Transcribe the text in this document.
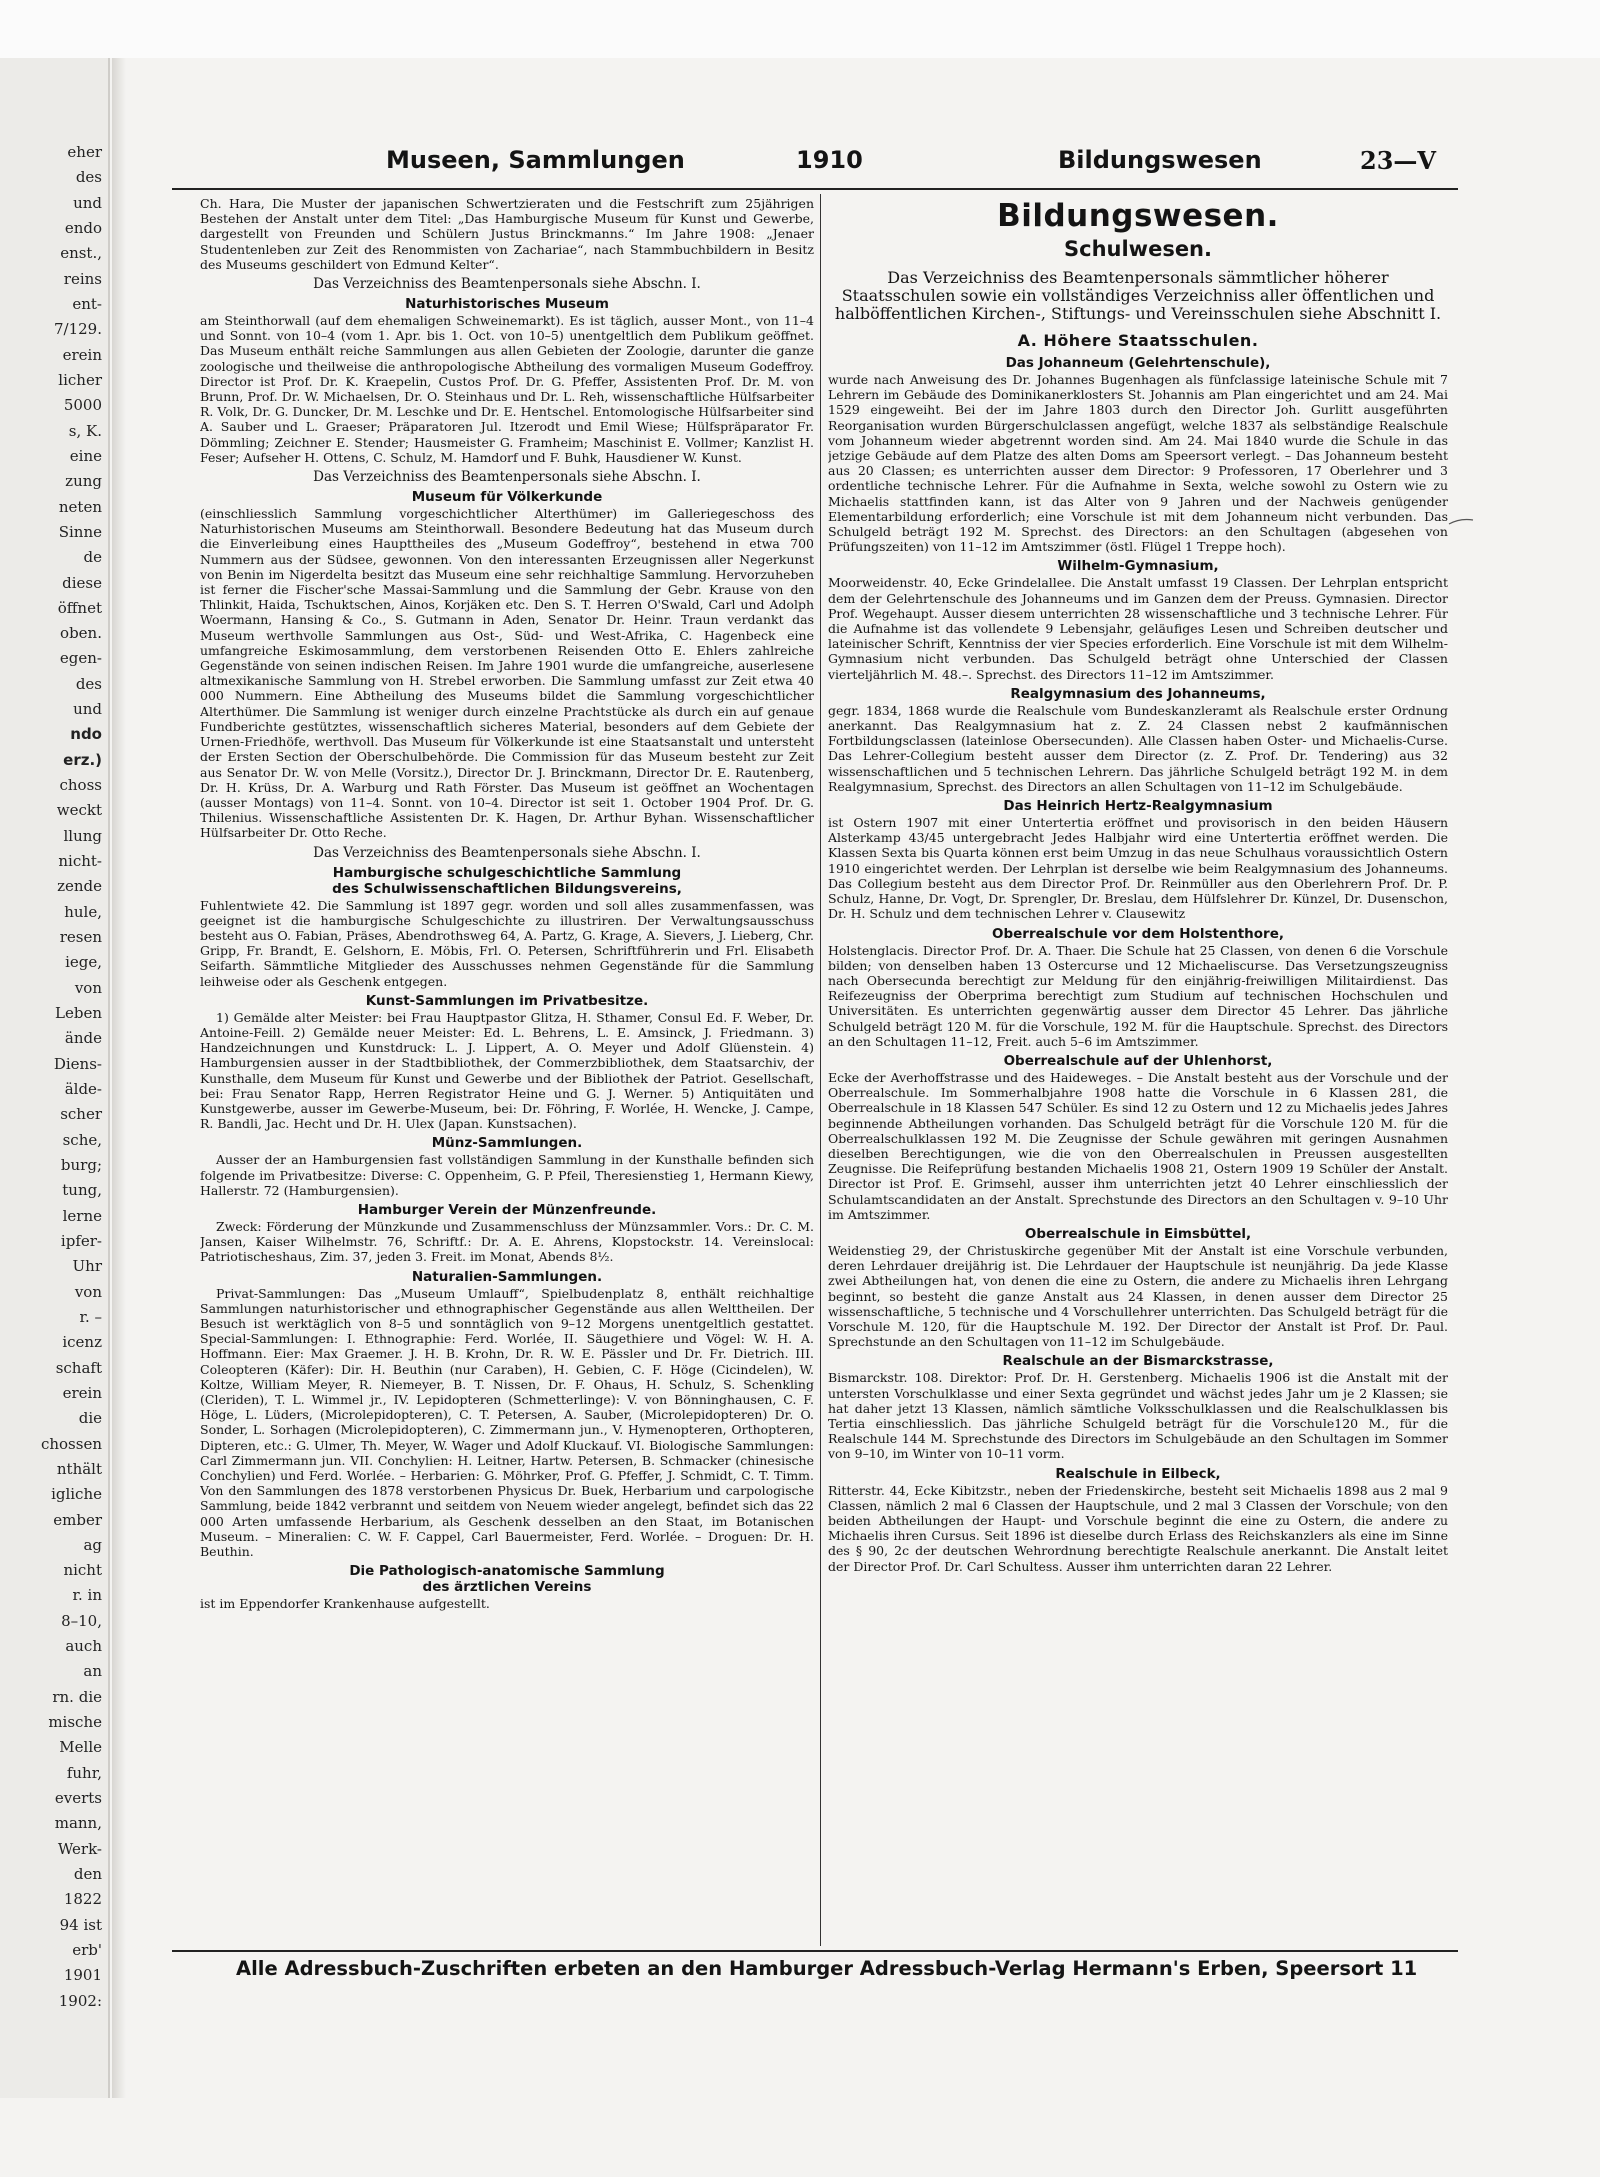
eher
des
und
endo
enst.,
reins
ent-
7/129.
erein
licher
5000
s, K.
eine
zung
neten
Sinne
de
diese
öffnet
oben.
egen-
des
und
ndo
erz.)
choss
weckt
llung
nicht-
zende
hule,
resen
iege,
von
Leben
ände
Diens-
älde-
scher
sche,
burg;
tung,
lerne
ipfer-
Uhr
von
r. –
icenz
schaft
erein
die
chossen
nthält
igliche
ember
ag
nicht
r. in
8–10,
auch
an
rn. die
mische
Melle
fuhr,
everts
mann,
Werk-
den
1822
94 ist
erb'
1901
1902:
Museen, Sammlungen	1910	Bildungswesen	23—V

Ch. Hara, Die Muster der japanischen Schwertzieraten und die Festschrift zum 25jährigen Bestehen der Anstalt unter dem Titel: „Das Hamburgische Museum für Kunst und Gewerbe, dargestellt von Freunden und Schülern Justus Brinckmanns.“ Im Jahre 1908: „Jenaer Studentenleben zur Zeit des Renommisten von Zachariae“, nach Stammbuchbildern in Besitz des Museums geschildert von Edmund Kelter“.

Das Verzeichniss des Beamtenpersonals siehe Abschn. I.
Naturhistorisches Museum

am Steinthorwall (auf dem ehemaligen Schweinemarkt). Es ist täglich, ausser Mont., von 11–4 und Sonnt. von 10–4 (vom 1. Apr. bis 1. Oct. von 10–5) unentgeltlich dem Publikum geöffnet. Das Museum enthält reiche Sammlungen aus allen Gebieten der Zoologie, darunter die ganze zoologische und theilweise die anthropologische Abtheilung des vormaligen Museum Godeffroy. Director ist Prof. Dr. K. Kraepelin, Custos Prof. Dr. G. Pfeffer, Assistenten Prof. Dr. M. von Brunn, Prof. Dr. W. Michaelsen, Dr. O. Steinhaus und Dr. L. Reh, wissenschaftliche Hülfsarbeiter R. Volk, Dr. G. Duncker, Dr. M. Leschke und Dr. E. Hentschel. Entomologische Hülfsarbeiter sind A. Sauber und L. Graeser; Präparatoren Jul. Itzerodt und Emil Wiese; Hülfspräparator Fr. Dömmling; Zeichner E. Stender; Hausmeister G. Framheim; Maschinist E. Vollmer; Kanzlist H. Feser; Aufseher H. Ottens, C. Schulz, M. Hamdorf und F. Buhk, Hausdiener W. Kunst.

Das Verzeichniss des Beamtenpersonals siehe Abschn. I.
Museum für Völkerkunde

(einschliesslich Sammlung vorgeschichtlicher Alterthümer) im Galleriegeschoss des Naturhistorischen Museums am Steinthorwall. Besondere Bedeutung hat das Museum durch die Einverleibung eines Haupttheiles des „Museum Godeffroy“, bestehend in etwa 700 Nummern aus der Südsee, gewonnen. Von den interessanten Erzeugnissen aller Negerkunst von Benin im Nigerdelta besitzt das Museum eine sehr reichhaltige Sammlung. Hervorzuheben ist ferner die Fischer'sche Massai-Sammlung und die Sammlung der Gebr. Krause von den Thlinkit, Haida, Tschuktschen, Ainos, Korjäken etc. Den S. T. Herren O'Swald, Carl und Adolph Woermann, Hansing & Co., S. Gutmann in Aden, Senator Dr. Heinr. Traun verdankt das Museum werthvolle Sammlungen aus Ost-, Süd- und West-Afrika, C. Hagenbeck eine umfangreiche Eskimosammlung, dem verstorbenen Reisenden Otto E. Ehlers zahlreiche Gegenstände von seinen indischen Reisen. Im Jahre 1901 wurde die umfangreiche, auserlesene altmexikanische Sammlung von H. Strebel erworben. Die Sammlung umfasst zur Zeit etwa 40 000 Nummern. Eine Abtheilung des Museums bildet die Sammlung vorgeschichtlicher Alterthümer. Die Sammlung ist weniger durch einzelne Prachtstücke als durch ein auf genaue Fundberichte gestütztes, wissenschaftlich sicheres Material, besonders auf dem Gebiete der Urnen-Friedhöfe, werthvoll. Das Museum für Völkerkunde ist eine Staatsanstalt und untersteht der Ersten Section der Oberschulbehörde. Die Commission für das Museum besteht zur Zeit aus Senator Dr. W. von Melle (Vorsitz.), Director Dr. J. Brinckmann, Director Dr. E. Rautenberg, Dr. H. Krüss, Dr. A. Warburg und Rath Förster. Das Museum ist geöffnet an Wochentagen (ausser Montags) von 11–4. Sonnt. von 10–4. Director ist seit 1. October 1904 Prof. Dr. G. Thilenius. Wissenschaftliche Assistenten Dr. K. Hagen, Dr. Arthur Byhan. Wissenschaftlicher Hülfsarbeiter Dr. Otto Reche.

Das Verzeichniss des Beamtenpersonals siehe Abschn. I.
Hamburgische schulgeschichtliche Sammlung
des Schulwissenschaftlichen Bildungsvereins,

Fuhlentwiete 42. Die Sammlung ist 1897 gegr. worden und soll alles zusammenfassen, was geeignet ist die hamburgische Schulgeschichte zu illustriren. Der Verwaltungsausschuss besteht aus O. Fabian, Präses, Abendrothsweg 64, A. Partz, G. Krage, A. Sievers, J. Lieberg, Chr. Gripp, Fr. Brandt, E. Gelshorn, E. Möbis, Frl. O. Petersen, Schriftführerin und Frl. Elisabeth Seifarth. Sämmtliche Mitglieder des Ausschusses nehmen Gegenstände für die Sammlung leihweise oder als Geschenk entgegen.

Kunst-Sammlungen im Privatbesitze.

1) Gemälde alter Meister: bei Frau Hauptpastor Glitza, H. Sthamer, Consul Ed. F. Weber, Dr. Antoine-Feill. 2) Gemälde neuer Meister: Ed. L. Behrens, L. E. Amsinck, J. Friedmann. 3) Handzeichnungen und Kunstdruck: L. J. Lippert, A. O. Meyer und Adolf Glüenstein. 4) Hamburgensien ausser in der Stadtbibliothek, der Commerzbibliothek, dem Staatsarchiv, der Kunsthalle, dem Museum für Kunst und Gewerbe und der Bibliothek der Patriot. Gesellschaft, bei: Frau Senator Rapp, Herren Registrator Heine und G. J. Werner. 5) Antiquitäten und Kunstgewerbe, ausser im Gewerbe-Museum, bei: Dr. Föhring, F. Worlée, H. Wencke, J. Campe, R. Bandli, Jac. Hecht und Dr. H. Ulex (Japan. Kunstsachen).

Münz-Sammlungen.

Ausser der an Hamburgensien fast vollständigen Sammlung in der Kunsthalle befinden sich folgende im Privatbesitze: Diverse: C. Oppenheim, G. P. Pfeil, Theresienstieg 1, Hermann Kiewy, Hallerstr. 72 (Hamburgensien).

Hamburger Verein der Münzenfreunde.

Zweck: Förderung der Münzkunde und Zusammenschluss der Münzsammler. Vors.: Dr. C. M. Jansen, Kaiser Wilhelmstr. 76, Schriftf.: Dr. A. E. Ahrens, Klopstockstr. 14. Vereinslocal: Patriotischeshaus, Zim. 37, jeden 3. Freit. im Monat, Abends 8½.

Naturalien-Sammlungen.

Privat-Sammlungen: Das „Museum Umlauff“, Spielbudenplatz 8, enthält reichhaltige Sammlungen naturhistorischer und ethnographischer Gegenstände aus allen Welttheilen. Der Besuch ist werktäglich von 8–5 und sonntäglich von 9–12 Morgens unentgeltlich gestattet. Special-Sammlungen: I. Ethnographie: Ferd. Worlée, II. Säugethiere und Vögel: W. H. A. Hoffmann. Eier: Max Graemer. J. H. B. Krohn, Dr. R. W. E. Pässler und Dr. Fr. Dietrich. III. Coleopteren (Käfer): Dir. H. Beuthin (nur Caraben), H. Gebien, C. F. Höge (Cicindelen), W. Koltze, William Meyer, R. Niemeyer, B. T. Nissen, Dr. F. Ohaus, H. Schulz, S. Schenkling (Cleriden), T. L. Wimmel jr., IV. Lepidopteren (Schmetterlinge): V. von Bönninghausen, C. F. Höge, L. Lüders, (Microlepidopteren), C. T. Petersen, A. Sauber, (Microlepidopteren) Dr. O. Sonder, L. Sorhagen (Microlepidopteren), C. Zimmermann jun., V. Hymenopteren, Orthopteren, Dipteren, etc.: G. Ulmer, Th. Meyer, W. Wager und Adolf Kluckauf. VI. Biologische Sammlungen: Carl Zimmermann jun. VII. Conchylien: H. Leitner, Hartw. Petersen, B. Schmacker (chinesische Conchylien) und Ferd. Worlée. – Herbarien: G. Möhrker, Prof. G. Pfeffer, J. Schmidt, C. T. Timm. Von den Sammlungen des 1878 verstorbenen Physicus Dr. Buek, Herbarium und carpologische Sammlung, beide 1842 verbrannt und seitdem von Neuem wieder angelegt, befindet sich das 22 000 Arten umfassende Herbarium, als Geschenk desselben an den Staat, im Botanischen Museum. – Mineralien: C. W. F. Cappel, Carl Bauermeister, Ferd. Worlée. – Droguen: Dr. H. Beuthin.

Die Pathologisch-anatomische Sammlung
des ärztlichen Vereins

ist im Eppendorfer Krankenhause aufgestellt.

Bildungswesen.
Schulwesen.
Das Verzeichniss des Beamtenpersonals sämmtlicher höherer Staatsschulen sowie ein vollständiges Verzeichniss aller öffentlichen und halböffentlichen Kirchen-, Stiftungs- und Vereinsschulen siehe Abschnitt I.
A. Höhere Staatsschulen.
Das Johanneum (Gelehrtenschule),

wurde nach Anweisung des Dr. Johannes Bugenhagen als fünfclassige lateinische Schule mit 7 Lehrern im Gebäude des Dominikanerklosters St. Johannis am Plan eingerichtet und am 24. Mai 1529 eingeweiht. Bei der im Jahre 1803 durch den Director Joh. Gurlitt ausgeführten Reorganisation wurden Bürgerschulclassen angefügt, welche 1837 als selbständige Realschule vom Johanneum wieder abgetrennt worden sind. Am 24. Mai 1840 wurde die Schule in das jetzige Gebäude auf dem Platze des alten Doms am Speersort verlegt. – Das Johanneum besteht aus 20 Classen; es unterrichten ausser dem Director: 9 Professoren, 17 Oberlehrer und 3 ordentliche technische Lehrer. Für die Aufnahme in Sexta, welche sowohl zu Ostern wie zu Michaelis stattfinden kann, ist das Alter von 9 Jahren und der Nachweis genügender Elementarbildung erforderlich; eine Vorschule ist mit dem Johanneum nicht verbunden. Das Schulgeld beträgt 192 M. Sprechst. des Directors: an den Schultagen (abgesehen von Prüfungszeiten) von 11–12 im Amtszimmer (östl. Flügel 1 Treppe hoch).

Wilhelm-Gymnasium,

Moorweidenstr. 40, Ecke Grindelallee. Die Anstalt umfasst 19 Classen. Der Lehrplan entspricht dem der Gelehrtenschule des Johanneums und im Ganzen dem der Preuss. Gymnasien. Director Prof. Wegehaupt. Ausser diesem unterrichten 28 wissenschaftliche und 3 technische Lehrer. Für die Aufnahme ist das vollendete 9 Lebensjahr, geläufiges Lesen und Schreiben deutscher und lateinischer Schrift, Kenntniss der vier Species erforderlich. Eine Vorschule ist mit dem Wilhelm-Gymnasium nicht verbunden. Das Schulgeld beträgt ohne Unterschied der Classen vierteljährlich M. 48.–. Sprechst. des Directors 11–12 im Amtszimmer.

Realgymnasium des Johanneums,

gegr. 1834, 1868 wurde die Realschule vom Bundeskanzleramt als Realschule erster Ordnung anerkannt. Das Realgymnasium hat z. Z. 24 Classen nebst 2 kaufmännischen Fortbildungsclassen (lateinlose Obersecunden). Alle Classen haben Oster- und Michaelis-Curse. Das Lehrer-Collegium besteht ausser dem Director (z. Z. Prof. Dr. Tendering) aus 32 wissenschaftlichen und 5 technischen Lehrern. Das jährliche Schulgeld beträgt 192 M. in dem Realgymnasium, Sprechst. des Directors an allen Schultagen von 11–12 im Schulgebäude.

Das Heinrich Hertz-Realgymnasium

ist Ostern 1907 mit einer Untertertia eröffnet und provisorisch in den beiden Häusern Alsterkamp 43/45 untergebracht Jedes Halbjahr wird eine Untertertia eröffnet werden. Die Klassen Sexta bis Quarta können erst beim Umzug in das neue Schulhaus voraussichtlich Ostern 1910 eingerichtet werden. Der Lehrplan ist derselbe wie beim Realgymnasium des Johanneums. Das Collegium besteht aus dem Director Prof. Dr. Reinmüller aus den Oberlehrern Prof. Dr. P. Schulz, Hanne, Dr. Vogt, Dr. Sprengler, Dr. Breslau, dem Hülfslehrer Dr. Künzel, Dr. Dusenschon, Dr. H. Schulz und dem technischen Lehrer v. Clausewitz

Oberrealschule vor dem Holstenthore,

Holstenglacis. Director Prof. Dr. A. Thaer. Die Schule hat 25 Classen, von denen 6 die Vorschule bilden; von denselben haben 13 Ostercurse und 12 Michaeliscurse. Das Versetzungszeugniss nach Obersecunda berechtigt zur Meldung für den einjährig-freiwilligen Militairdienst. Das Reifezeugniss der Oberprima berechtigt zum Studium auf technischen Hochschulen und Universitäten. Es unterrichten gegenwärtig ausser dem Director 45 Lehrer. Das jährliche Schulgeld beträgt 120 M. für die Vorschule, 192 M. für die Hauptschule. Sprechst. des Directors an den Schultagen 11–12, Freit. auch 5–6 im Amtszimmer.

Oberrealschule auf der Uhlenhorst,

Ecke der Averhoffstrasse und des Haideweges. – Die Anstalt besteht aus der Vorschule und der Oberrealschule. Im Sommerhalbjahre 1908 hatte die Vorschule in 6 Klassen 281, die Oberrealschule in 18 Klassen 547 Schüler. Es sind 12 zu Ostern und 12 zu Michaelis jedes Jahres beginnende Abtheilungen vorhanden. Das Schulgeld beträgt für die Vorschule 120 M. für die Oberrealschulklassen 192 M. Die Zeugnisse der Schule gewähren mit geringen Ausnahmen dieselben Berechtigungen, wie die von den Oberrealschulen in Preussen ausgestellten Zeugnisse. Die Reifeprüfung bestanden Michaelis 1908 21, Ostern 1909 19 Schüler der Anstalt. Director ist Prof. E. Grimsehl, ausser ihm unterrichten jetzt 40 Lehrer einschliesslich der Schulamtscandidaten an der Anstalt. Sprechstunde des Directors an den Schultagen v. 9–10 Uhr im Amtszimmer.

Oberrealschule in Eimsbüttel,

Weidenstieg 29, der Christuskirche gegenüber Mit der Anstalt ist eine Vorschule verbunden, deren Lehrdauer dreijährig ist. Die Lehrdauer der Hauptschule ist neunjährig. Da jede Klasse zwei Abtheilungen hat, von denen die eine zu Ostern, die andere zu Michaelis ihren Lehrgang beginnt, so besteht die ganze Anstalt aus 24 Klassen, in denen ausser dem Director 25 wissenschaftliche, 5 technische und 4 Vorschullehrer unterrichten. Das Schulgeld beträgt für die Vorschule M. 120, für die Hauptschule M. 192. Der Director der Anstalt ist Prof. Dr. Paul. Sprechstunde an den Schultagen von 11–12 im Schulgebäude.

Realschule an der Bismarckstrasse,

Bismarckstr. 108. Direktor: Prof. Dr. H. Gerstenberg. Michaelis 1906 ist die Anstalt mit der untersten Vorschulklasse und einer Sexta gegründet und wächst jedes Jahr um je 2 Klassen; sie hat daher jetzt 13 Klassen, nämlich sämtliche Volksschulklassen und die Realschulklassen bis Tertia einschliesslich. Das jährliche Schulgeld beträgt für die Vorschule120 M., für die Realschule 144 M. Sprechstunde des Directors im Schulgebäude an den Schultagen im Sommer von 9–10, im Winter von 10–11 vorm.

Realschule in Eilbeck,

Ritterstr. 44, Ecke Kibitzstr., neben der Friedenskirche, besteht seit Michaelis 1898 aus 2 mal 9 Classen, nämlich 2 mal 6 Classen der Hauptschule, und 2 mal 3 Classen der Vorschule; von den beiden Abtheilungen der Haupt- und Vorschule beginnt die eine zu Ostern, die andere zu Michaelis ihren Cursus. Seit 1896 ist dieselbe durch Erlass des Reichskanzlers als eine im Sinne des § 90, 2c der deutschen Wehrordnung berechtigte Realschule anerkannt. Die Anstalt leitet der Director Prof. Dr. Carl Schultess. Ausser ihm unterrichten daran 22 Lehrer.

Alle Adressbuch-Zuschriften erbeten an den Hamburger Adressbuch-Verlag Hermann's Erben, Speersort 11
